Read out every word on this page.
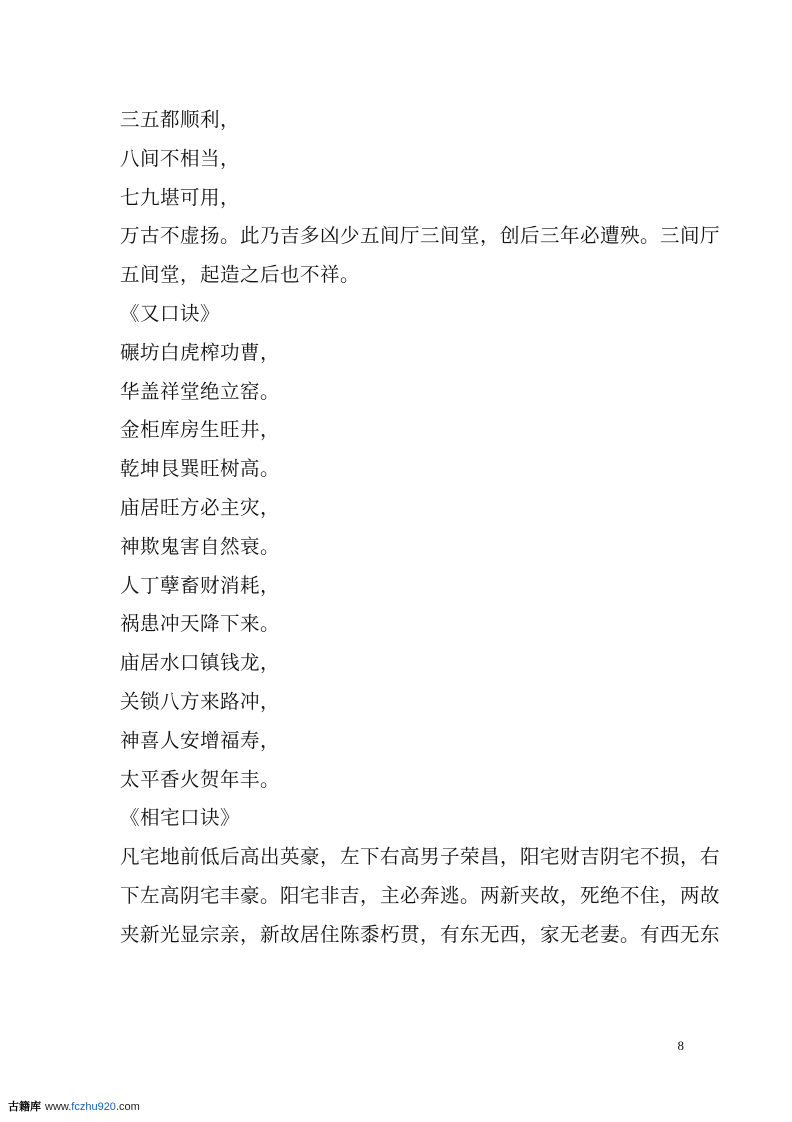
三五都顺利，
八间不相当，
七九堪可用，
万古不虚扬。此乃吉多凶少五间厅三间堂，创后三年必遭殃。三间厅
五间堂，起造之后也不祥。
《又口诀》
碾坊白虎榨功曹，
华盖祥堂绝立窑。
金柜库房生旺井，
乾坤艮巽旺树高。
庙居旺方必主灾，
神欺鬼害自然衰。
人丁孽畜财消耗，
祸患冲天降下来。
庙居水口镇钱龙，
关锁八方来路冲，
神喜人安增福寿，
太平香火贺年丰。
《相宅口诀》
凡宅地前低后高出英豪，左下右高男子荣昌，阳宅财吉阴宅不损，右
下左高阴宅丰豪。阳宅非吉，主必奔逃。两新夹故，死绝不住，两故
夹新光显宗亲，新故居住陈黍朽贯，有东无西，家无老妻。有西无东
8
古籍库 www.fczhu920.com
